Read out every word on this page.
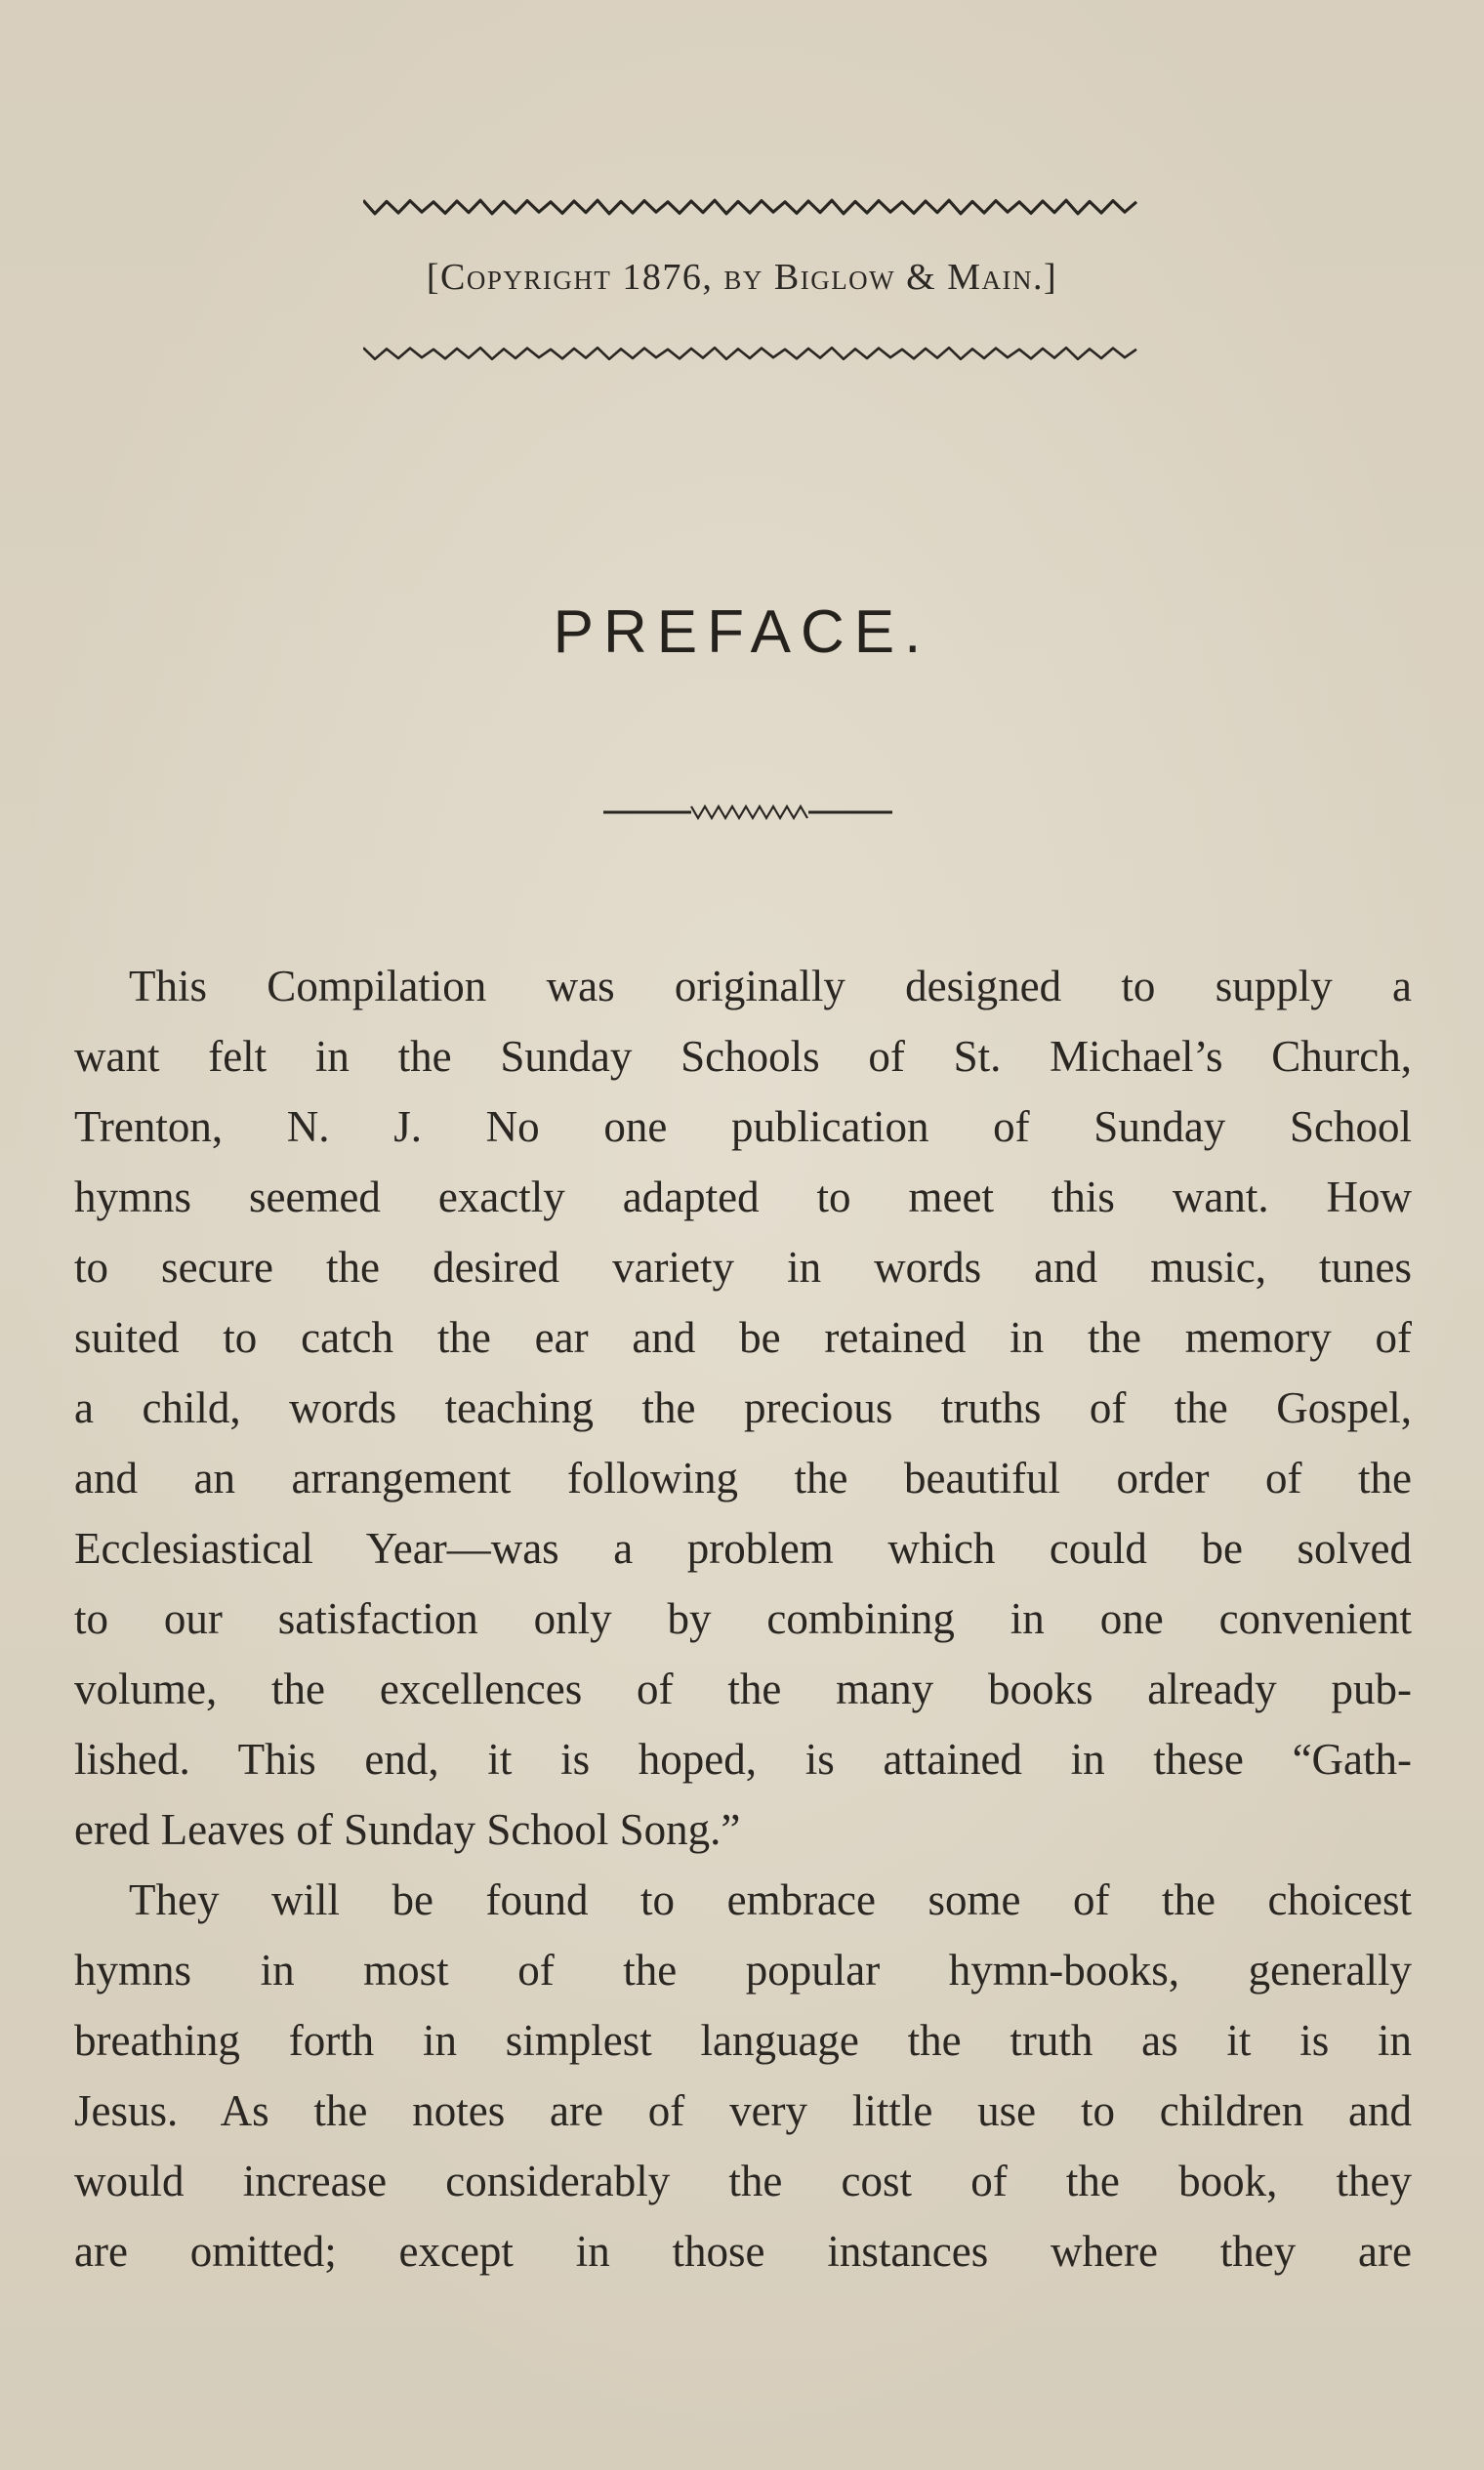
[Copyright 1876, by Biglow & Main.]
PREFACE.
This Compilation was originally designed to supply a
want felt in the Sunday Schools of St. Michael’s Church,
Trenton, N. J. No one publication of Sunday School
hymns seemed exactly adapted to meet this want. How
to secure the desired variety in words and music, tunes
suited to catch the ear and be retained in the memory of
a child, words teaching the precious truths of the Gospel,
and an arrangement following the beautiful order of the
Ecclesiastical Year—was a problem which could be solved
to our satisfaction only by combining in one convenient
volume, the excellences of the many books already pub-
lished. This end, it is hoped, is attained in these “Gath-
ered Leaves of Sunday School Song.”
They will be found to embrace some of the choicest
hymns in most of the popular hymn-books, generally
breathing forth in simplest language the truth as it is in
Jesus. As the notes are of very little use to children and
would increase considerably the cost of the book, they
are omitted; except in those instances where they are
